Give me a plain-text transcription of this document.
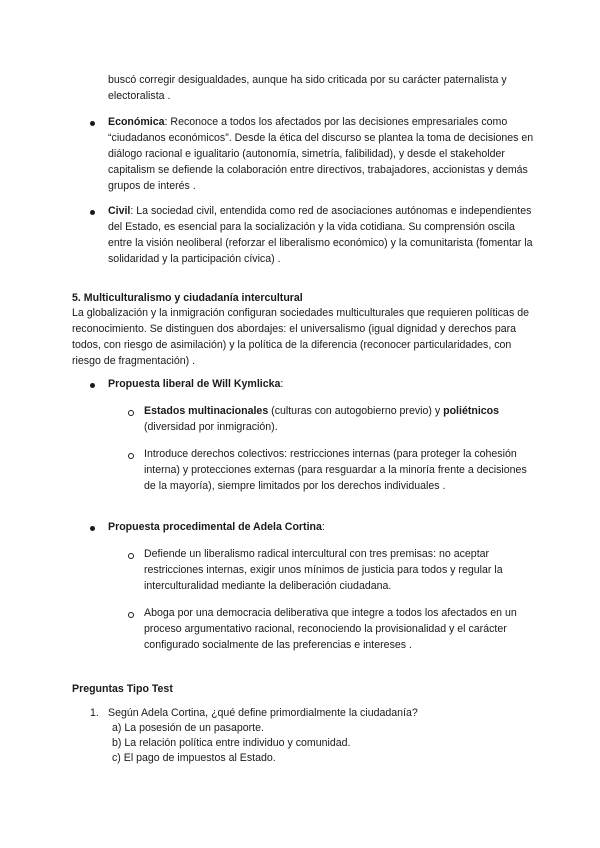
buscó corregir desigualdades, aunque ha sido criticada por su carácter paternalista y electoralista .

Económica: Reconoce a todos los afectados por las decisiones empresariales como “ciudadanos económicos”. Desde la ética del discurso se plantea la toma de decisiones en diálogo racional e igualitario (autonomía, simetría, falibilidad), y desde el stakeholder capitalism se defiende la colaboración entre directivos, trabajadores, accionistas y demás grupos de interés .

Civil: La sociedad civil, entendida como red de asociaciones autónomas e independientes del Estado, es esencial para la socialización y la vida cotidiana. Su comprensión oscila entre la visión neoliberal (reforzar el liberalismo económico) y la comunitarista (fomentar la solidaridad y la participación cívica) .

5. Multiculturalismo y ciudadanía intercultural

La globalización y la inmigración configuran sociedades multiculturales que requieren políticas de reconocimiento. Se distinguen dos abordajes: el universalismo (igual dignidad y derechos para todos, con riesgo de asimilación) y la política de la diferencia (reconocer particularidades, con riesgo de fragmentación) .

Propuesta liberal de Will Kymlicka:

Estados multinacionales (culturas con autogobierno previo) y poliétnicos (diversidad por inmigración).

Introduce derechos colectivos: restricciones internas (para proteger la cohesión interna) y protecciones externas (para resguardar a la minoría frente a decisiones de la mayoría), siempre limitados por los derechos individuales .

Propuesta procedimental de Adela Cortina:

Defiende un liberalismo radical intercultural con tres premisas: no aceptar restricciones internas, exigir unos mínimos de justicia para todos y regular la interculturalidad mediante la deliberación ciudadana.

Aboga por una democracia deliberativa que integre a todos los afectados en un proceso argumentativo racional, reconociendo la provisionalidad y el carácter configurado socialmente de las preferencias e intereses .

Preguntas Tipo Test

1. Según Adela Cortina, ¿qué define primordialmente la ciudadanía?

a) La posesión de un pasaporte.

b) La relación política entre individuo y comunidad.

c) El pago de impuestos al Estado.
